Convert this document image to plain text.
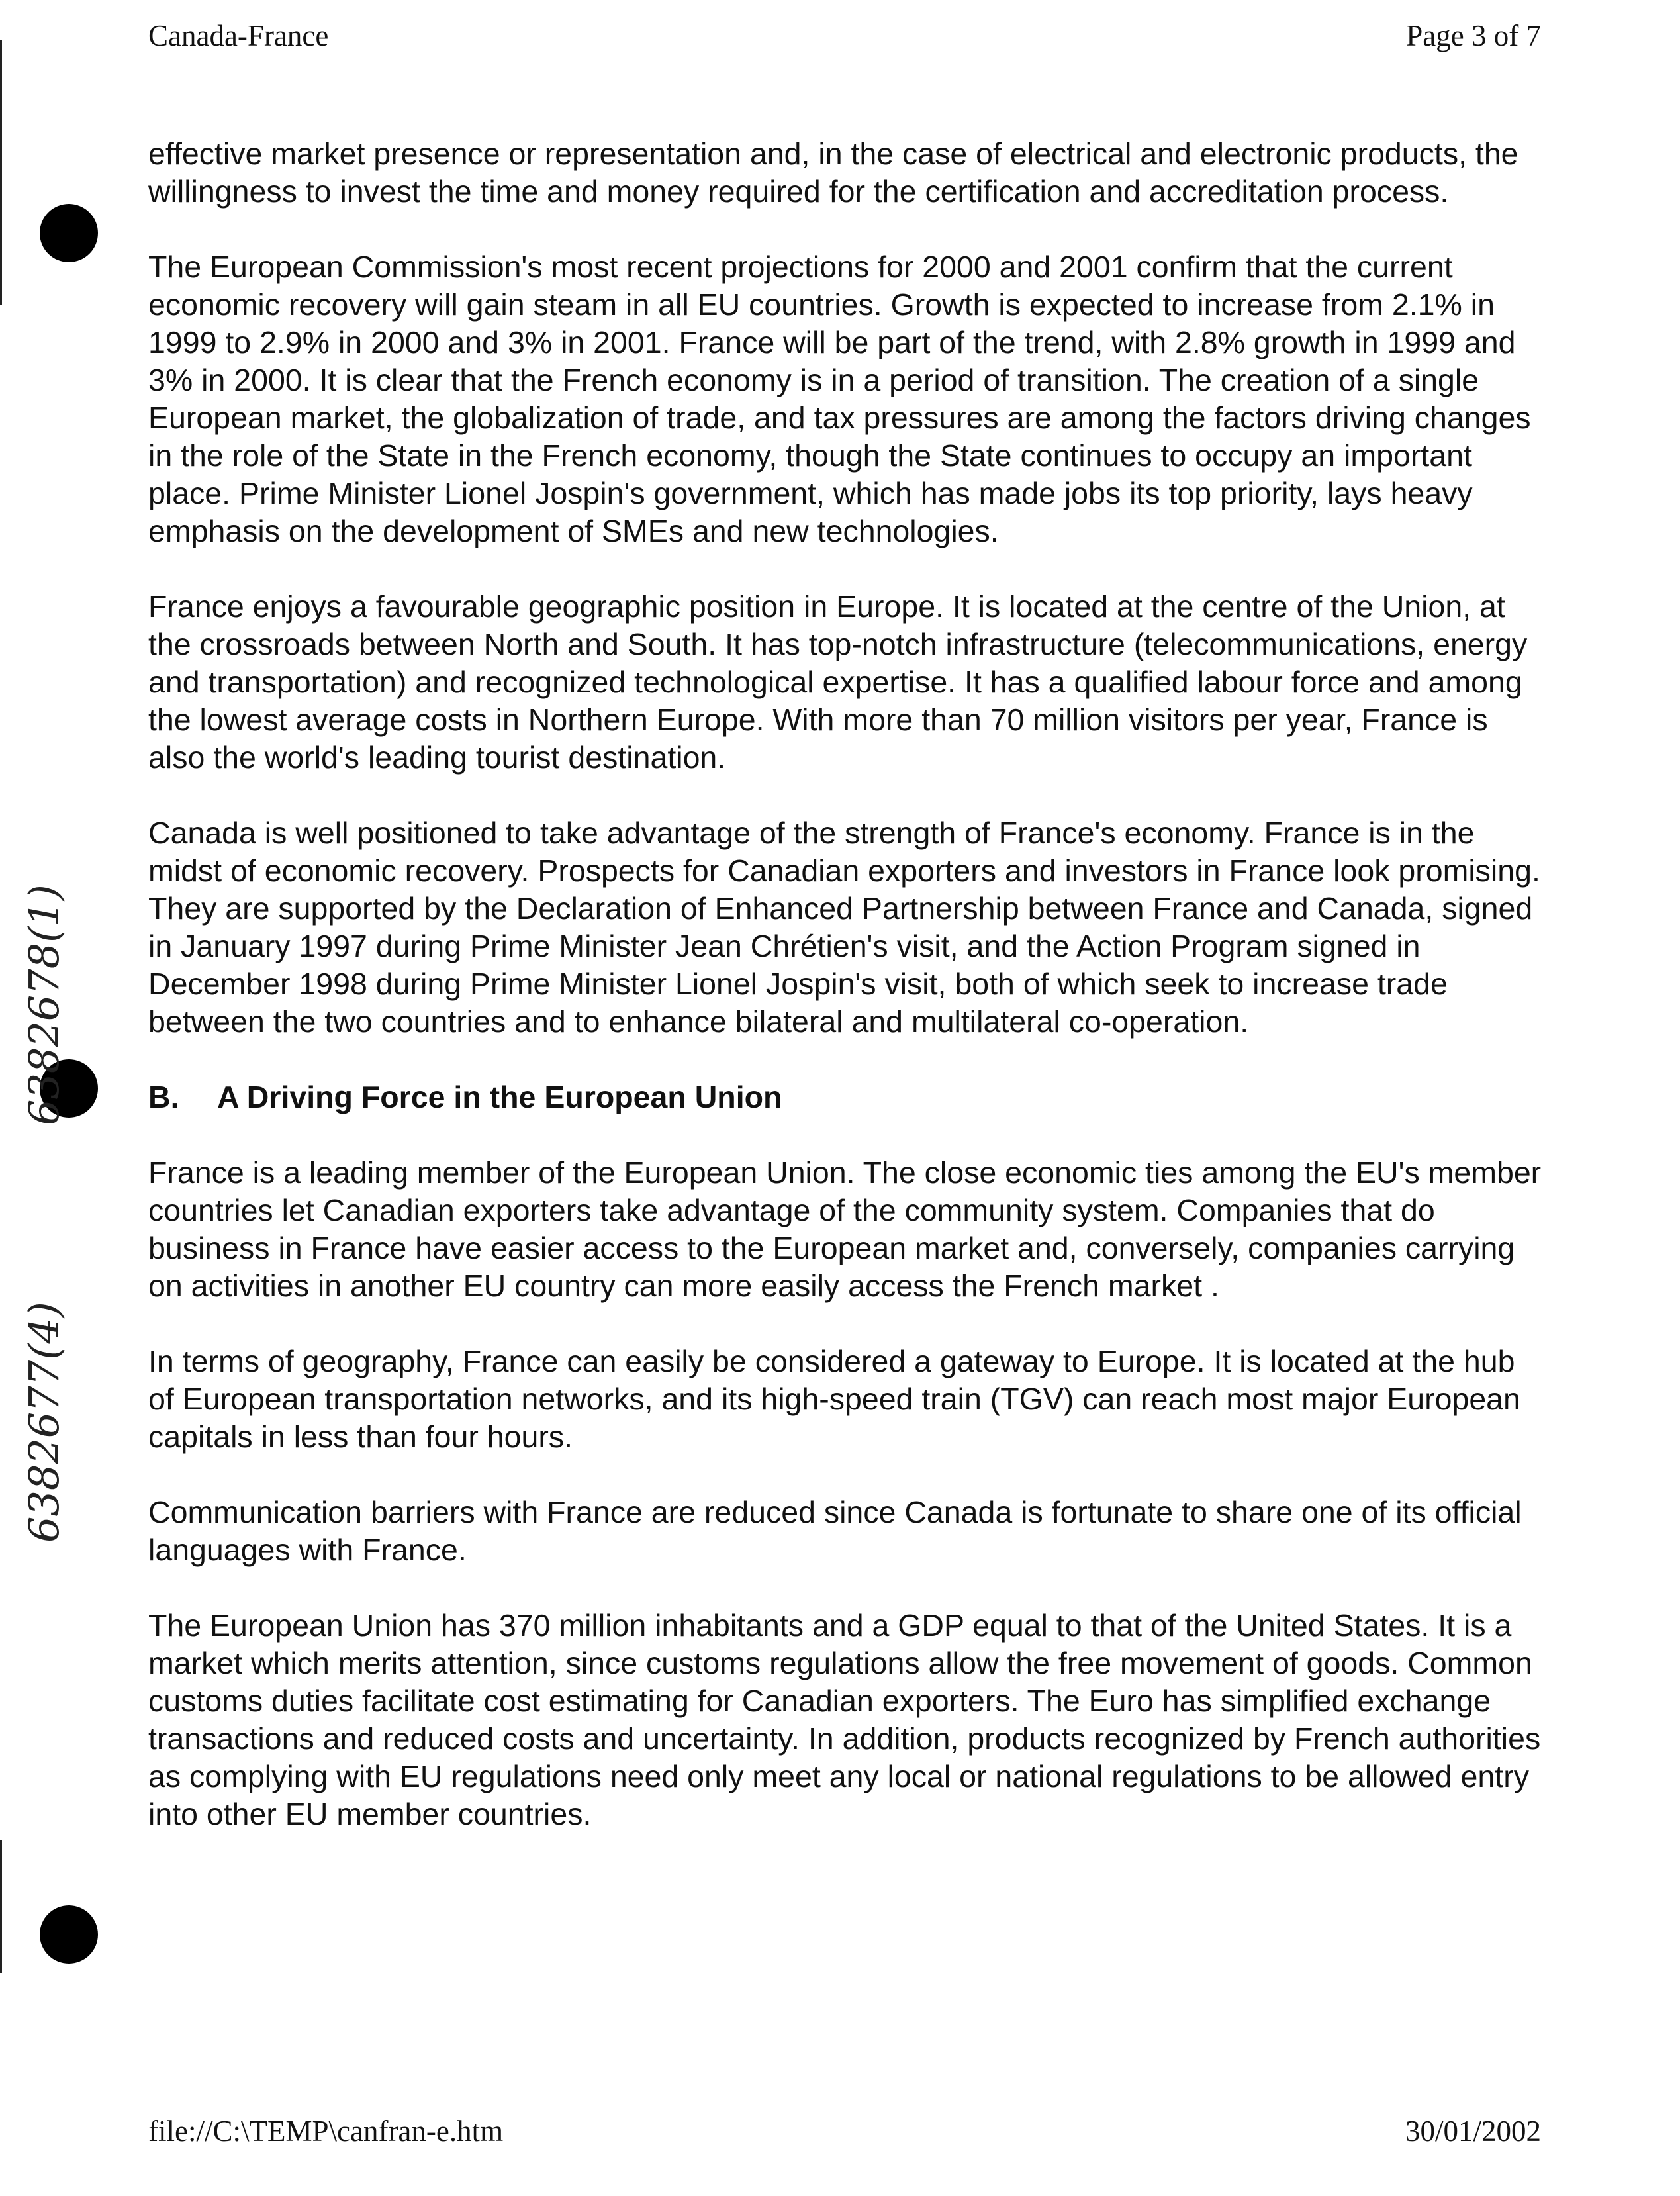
Canada-France	Page 3 of 7
6382678(1)
6382677(4)

effective market presence or representation and, in the case of electrical and electronic products, the willingness to invest the time and money required for the certification and accreditation process.

The European Commission's most recent projections for 2000 and 2001 confirm that the current economic recovery will gain steam in all EU countries. Growth is expected to increase from 2.1% in 1999 to 2.9% in 2000 and 3% in 2001. France will be part of the trend, with 2.8% growth in 1999 and 3% in 2000. It is clear that the French economy is in a period of transition. The creation of a single European market, the globalization of trade, and tax pressures are among the factors driving changes in the role of the State in the French economy, though the State continues to occupy an important place. Prime Minister Lionel Jospin's government, which has made jobs its top priority, lays heavy emphasis on the development of SMEs and new technologies.

France enjoys a favourable geographic position in Europe. It is located at the centre of the Union, at the crossroads between North and South. It has top-notch infrastructure (telecommunications, energy and transportation) and recognized technological expertise. It has a qualified labour force and among the lowest average costs in Northern Europe. With more than 70 million visitors per year, France is also the world's leading tourist destination.

Canada is well positioned to take advantage of the strength of France's economy. France is in the midst of economic recovery. Prospects for Canadian exporters and investors in France look promising. They are supported by the Declaration of Enhanced Partnership between France and Canada, signed in January 1997 during Prime Minister Jean Chrétien's visit, and the Action Program signed in December 1998 during Prime Minister Lionel Jospin's visit, both of which seek to increase trade between the two countries and to enhance bilateral and multilateral co-operation.

B. A Driving Force in the European Union

France is a leading member of the European Union. The close economic ties among the EU's member countries let Canadian exporters take advantage of the community system. Companies that do business in France have easier access to the European market and, conversely, companies carrying on activities in another EU country can more easily access the French market .

In terms of geography, France can easily be considered a gateway to Europe. It is located at the hub of European transportation networks, and its high-speed train (TGV) can reach most major European capitals in less than four hours.

Communication barriers with France are reduced since Canada is fortunate to share one of its official languages with France.

The European Union has 370 million inhabitants and a GDP equal to that of the United States. It is a market which merits attention, since customs regulations allow the free movement of goods. Common customs duties facilitate cost estimating for Canadian exporters. The Euro has simplified exchange transactions and reduced costs and uncertainty. In addition, products recognized by French authorities as complying with EU regulations need only meet any local or national regulations to be allowed entry into other EU member countries.

file://C:\TEMP\canfran-e.htm	30/01/2002
